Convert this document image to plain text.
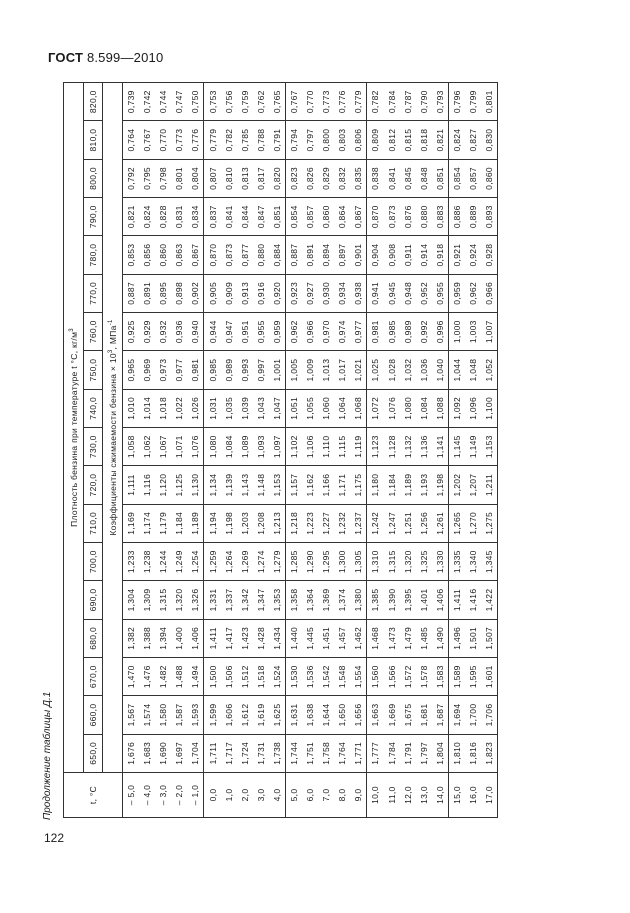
ГОСТ 8.599—2010
Продолжение таблицы Д.1	t, °С	Плотность бензина при температуре t °С, $кг/м^3$
	650,0	660,0	670,0	680,0	690,0	700,0	710,0	720,0	730,0	740,0	750,0	760,0	770,0	780,0	790,0	800,0	810,0	820,0
	Коэффициенты сжимаемости бензина × $10^3$, МПа$^{-1}$
– 5,0	1,676	1,567	1,470	1,382	1,304	1,233	1,169	1,111	1,058	1,010	0,965	0,925	0,887	0,853	0,821	0,792	0,764	0,739
– 4,0	1,683	1,574	1,476	1,388	1,309	1,238	1,174	1,116	1,062	1,014	0,969	0,929	0,891	0,856	0,824	0,795	0,767	0,742
– 3,0	1,690	1,580	1,482	1,394	1,315	1,244	1,179	1,120	1,067	1,018	0,973	0,932	0,895	0,860	0,828	0,798	0,770	0,744
– 2,0	1,697	1,587	1,488	1,400	1,320	1,249	1,184	1,125	1,071	1,022	0,977	0,936	0,898	0,863	0,831	0,801	0,773	0,747
– 1,0	1,704	1,593	1,494	1,406	1,326	1,254	1,189	1,130	1,076	1,026	0,981	0,940	0,902	0,867	0,834	0,804	0,776	0,750
0,0	1,711	1,599	1,500	1,411	1,331	1,259	1,194	1,134	1,080	1,031	0,985	0,944	0,905	0,870	0,837	0,807	0,779	0,753
1,0	1,717	1,606	1,506	1,417	1,337	1,264	1,198	1,139	1,084	1,035	0,989	0,947	0,909	0,873	0,841	0,810	0,782	0,756
2,0	1,724	1,612	1,512	1,423	1,342	1,269	1,203	1,143	1,089	1,039	0,993	0,951	0,913	0,877	0,844	0,813	0,785	0,759
3,0	1,731	1,619	1,518	1,428	1,347	1,274	1,208	1,148	1,093	1,043	0,997	0,955	0,916	0,880	0,847	0,817	0,788	0,762
4,0	1,738	1,625	1,524	1,434	1,353	1,279	1,213	1,153	1,097	1,047	1,001	0,959	0,920	0,884	0,851	0,820	0,791	0,765
5,0	1,744	1,631	1,530	1,440	1,358	1,285	1,218	1,157	1,102	1,051	1,005	0,962	0,923	0,887	0,854	0,823	0,794	0,767
6,0	1,751	1,638	1,536	1,445	1,364	1,290	1,223	1,162	1,106	1,055	1,009	0,966	0,927	0,891	0,857	0,826	0,797	0,770
7,0	1,758	1,644	1,542	1,451	1,369	1,295	1,227	1,166	1,110	1,060	1,013	0,970	0,930	0,894	0,860	0,829	0,800	0,773
8,0	1,764	1,650	1,548	1,457	1,374	1,300	1,232	1,171	1,115	1,064	1,017	0,974	0,934	0,897	0,864	0,832	0,803	0,776
9,0	1,771	1,656	1,554	1,462	1,380	1,305	1,237	1,175	1,119	1,068	1,021	0,977	0,938	0,901	0,867	0,835	0,806	0,779
10,0	1,777	1,663	1,560	1,468	1,385	1,310	1,242	1,180	1,123	1,072	1,025	0,981	0,941	0,904	0,870	0,838	0,809	0,782
11,0	1,784	1,669	1,566	1,473	1,390	1,315	1,247	1,184	1,128	1,076	1,028	0,985	0,945	0,908	0,873	0,841	0,812	0,784
12,0	1,791	1,675	1,572	1,479	1,395	1,320	1,251	1,189	1,132	1,080	1,032	0,989	0,948	0,911	0,876	0,845	0,815	0,787
13,0	1,797	1,681	1,578	1,485	1,401	1,325	1,256	1,193	1,136	1,084	1,036	0,992	0,952	0,914	0,880	0,848	0,818	0,790
14,0	1,804	1,687	1,583	1,490	1,406	1,330	1,261	1,198	1,141	1,088	1,040	0,996	0,955	0,918	0,883	0,851	0,821	0,793
15,0	1,810	1,694	1,589	1,496	1,411	1,335	1,265	1,202	1,145	1,092	1,044	1,000	0,959	0,921	0,886	0,854	0,824	0,796
16,0	1,816	1,700	1,595	1,501	1,416	1,340	1,270	1,207	1,149	1,096	1,048	1,003	0,962	0,924	0,889	0,857	0,827	0,799
17,0	1,823	1,706	1,601	1,507	1,422	1,345	1,275	1,211	1,153	1,100	1,052	1,007	0,966	0,928	0,893	0,860	0,830	0,801
122
